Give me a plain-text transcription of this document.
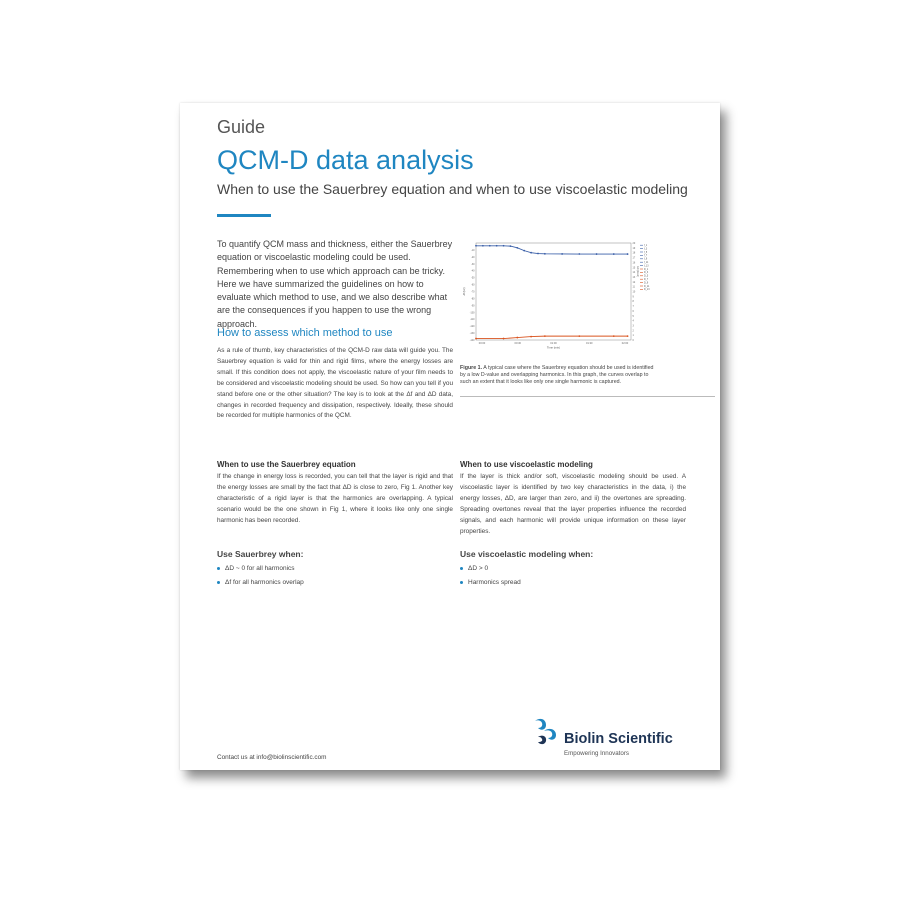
Guide
QCM-D data analysis
When to use the Sauerbrey equation and when to use viscoelastic modeling
To quantify QCM mass and thickness, either the Sauerbrey equation or viscoelastic modeling could be used. Remembering when to use which approach can be tricky. Here we have summarized the guidelines on how to evaluate which method to use, and we also describe what are the consequences if you happen to use the wrong approach.
How to assess which method to use
As a rule of thumb, key characteristics of the QCM-D raw data will guide you. The Sauerbrey equation is valid for thin and rigid films, where the energy losses are small. If this condition does not apply, the viscoelastic nature of your film needs to be considered and viscoelastic modeling should be used. So how can you tell if you stand before one or the other situation? The key is to look at the Δf and ΔD data, changes in recorded frequency and dissipation, respectively. Ideally, these should be recorded for multiple harmonics of the QCM.
-10
-20
-30
-40
-50
-60
-70
-80
-90
-100
-110
-120
-130
-140
20
19
18
17
16
15
14
13
12
11
10
9
8
7
6
5
4
3
2
1
0
00:00	00:30	01:00	01:30	02:00
Time (min)
Δf (Hz)
ΔD (1E-6)
f_1
f_3
f_5
f_7
f_9
f_11
f_13
D_1
D_3
D_5
D_7
D_9
D_11
D_13
Figure 1. A typical case where the Sauerbrey equation should be used is identified by a low D-value and overlapping harmonics. In this graph, the curves overlap to such an extent that it looks like only one single harmonic is captured.
When to use the Sauerbrey equation
If the change in energy loss is recorded, you can tell that the layer is rigid and that the energy losses are small by the fact that ΔD is close to zero, Fig 1. Another key characteristic of a rigid layer is that the harmonics are overlapping. A typical scenario would be the one shown in Fig 1, where it looks like only one single harmonic has been recorded.
Use Sauerbrey when:
ΔD ~ 0 for all harmonics
Δf for all harmonics overlap
When to use viscoelastic modeling
If the layer is thick and/or soft, viscoelastic modeling should be used. A viscoelastic layer is identified by two key characteristics in the data, i) the energy losses, ΔD, are larger than zero, and ii) the overtones are spreading. Spreading overtones reveal that the layer properties influence the recorded signals, and each harmonic will provide unique information on these layer properties.
Use viscoelastic modeling when:
ΔD > 0
Harmonics spread
Contact us at info@biolinscientific.com
Biolin Scientific
Empowering Innovators
